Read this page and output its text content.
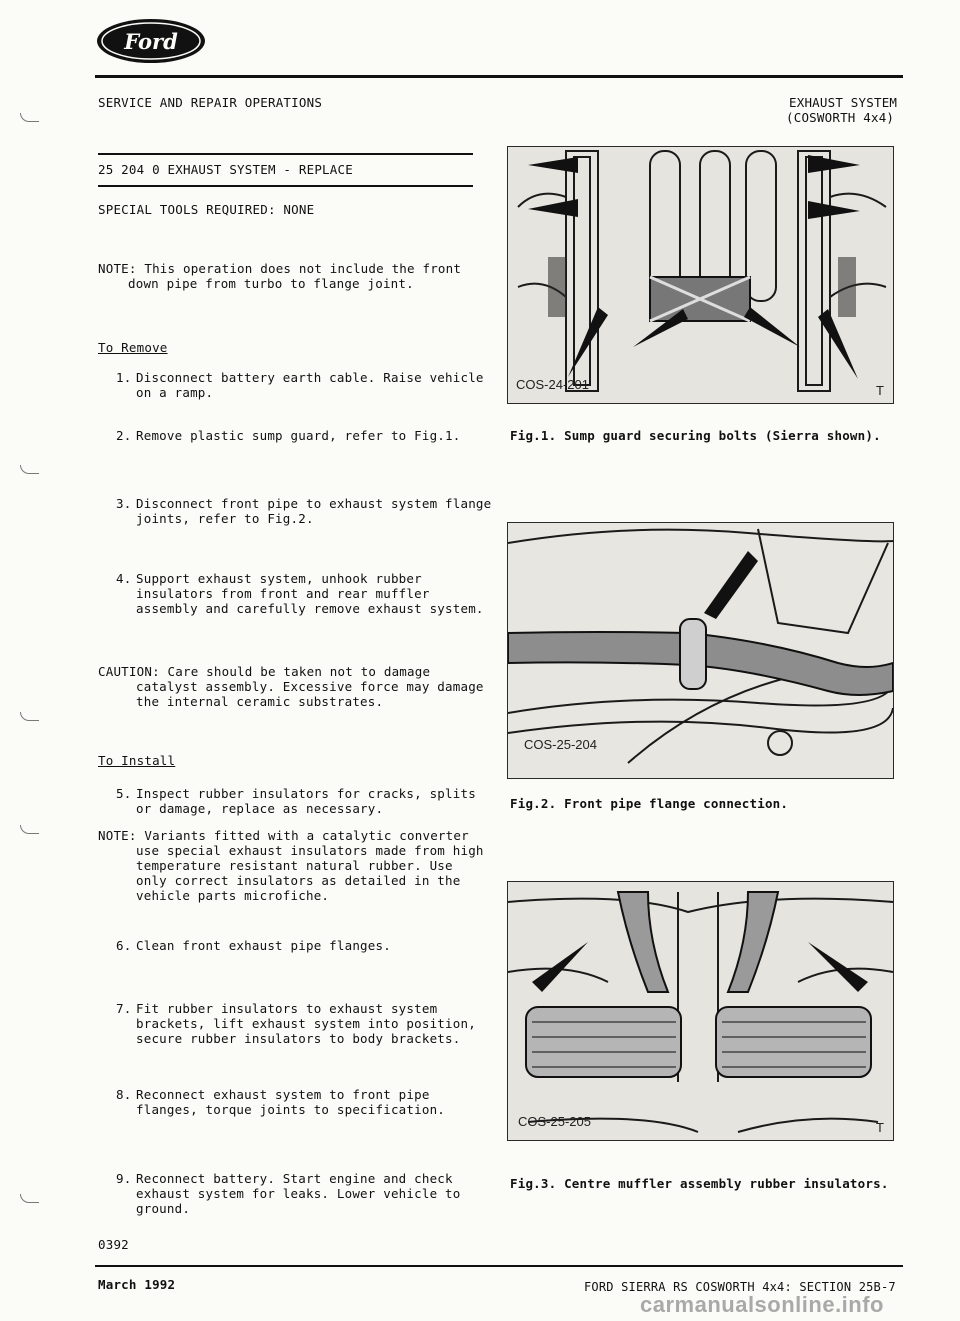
Ford
SERVICE AND REPAIR OPERATIONS	EXHAUST SYSTEM
(COSWORTH 4x4)
25 204 0 EXHAUST SYSTEM - REPLACE
SPECIAL TOOLS REQUIRED: NONE
NOTE: This operation does not include the front
down pipe from turbo to flange joint.
To Remove
1. Disconnect battery earth cable. Raise vehicle
on a ramp.
2. Remove plastic sump guard, refer to Fig.1.
3. Disconnect front pipe to exhaust system flange
joints, refer to Fig.2.
4. Support exhaust system, unhook rubber
insulators from front and rear muffler
assembly and carefully remove exhaust system.
CAUTION: Care should be taken not to damage
catalyst assembly. Excessive force may damage
the internal ceramic substrates.
To Install
5. Inspect rubber insulators for cracks, splits
or damage, replace as necessary.
NOTE: Variants fitted with a catalytic converter
use special exhaust insulators made from high
temperature resistant natural rubber. Use
only correct insulators as detailed in the
vehicle parts microfiche.
6. Clean front exhaust pipe flanges.
7. Fit rubber insulators to exhaust system
brackets, lift exhaust system into position,
secure rubber insulators to body brackets.
8. Reconnect exhaust system to front pipe
flanges, torque joints to specification.
9. Reconnect battery. Start engine and check
exhaust system for leaks. Lower vehicle to
ground.
0392
COS-24-201	T
Fig.1. Sump guard securing bolts (Sierra shown).
COS-25-204
Fig.2. Front pipe flange connection.
COS-25-205	T
Fig.3. Centre muffler assembly rubber insulators.
March 1992	FORD SIERRA RS COSWORTH 4x4: SECTION 25B-7
carmanualsonline.info
